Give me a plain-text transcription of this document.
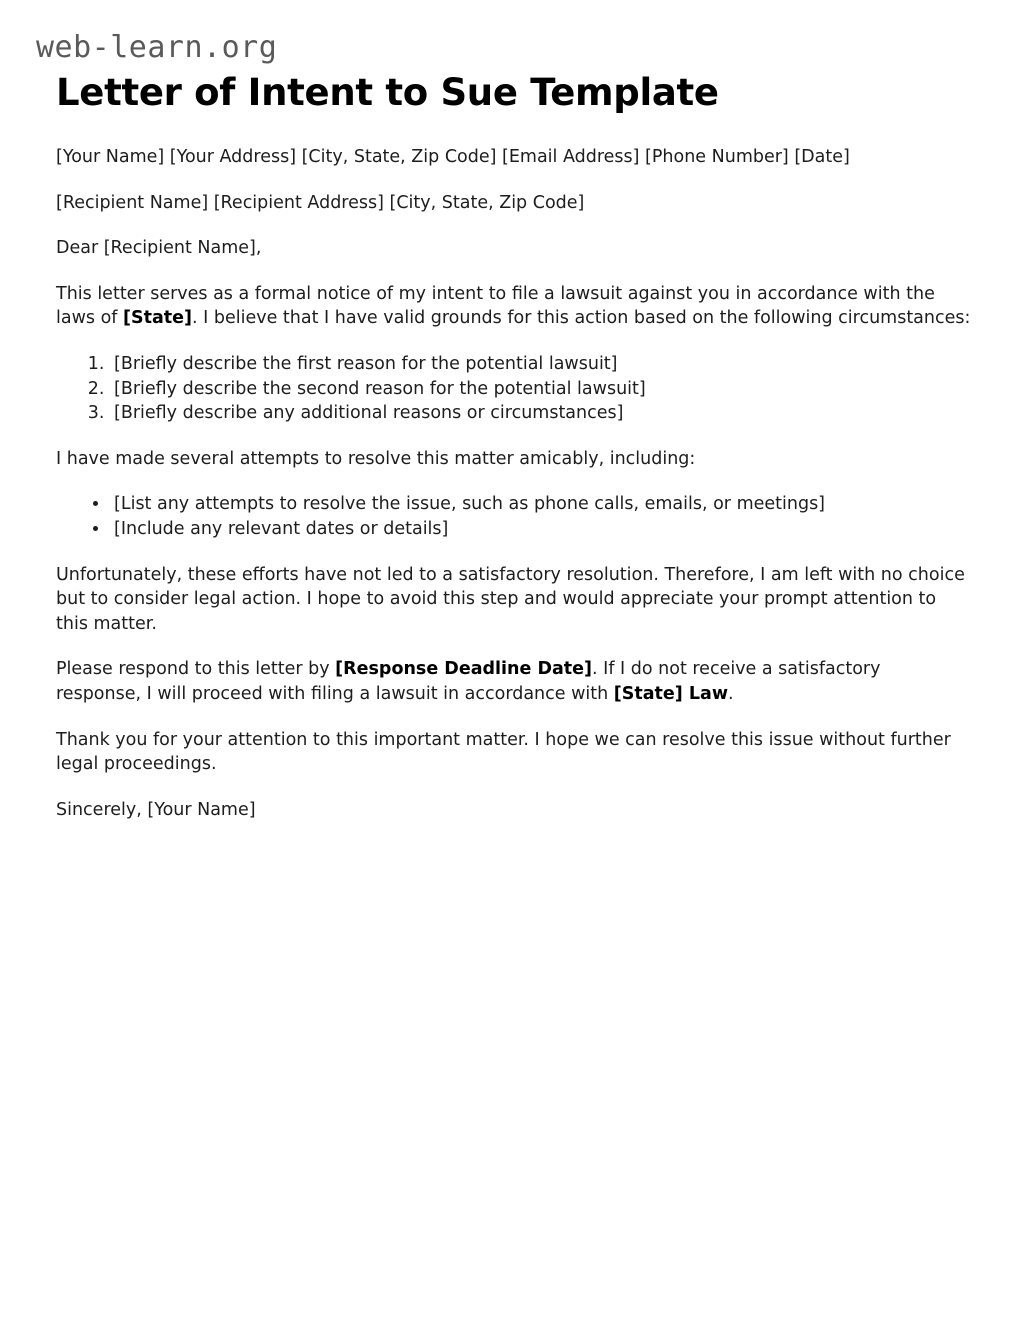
web-learn.org
Letter of Intent to Sue Template

[Your Name] [Your Address] [City, State, Zip Code] [Email Address] [Phone Number] [Date]

[Recipient Name] [Recipient Address] [City, State, Zip Code]

Dear [Recipient Name],

This letter serves as a formal notice of my intent to file a lawsuit against you in accordance with the laws of [State]. I believe that I have valid grounds for this action based on the following circumstances:

1. [Briefly describe the first reason for the potential lawsuit]
2. [Briefly describe the second reason for the potential lawsuit]
3. [Briefly describe any additional reasons or circumstances]

I have made several attempts to resolve this matter amicably, including:

• [List any attempts to resolve the issue, such as phone calls, emails, or meetings]
• [Include any relevant dates or details]

Unfortunately, these efforts have not led to a satisfactory resolution. Therefore, I am left with no choice but to consider legal action. I hope to avoid this step and would appreciate your prompt attention to this matter.

Please respond to this letter by [Response Deadline Date]. If I do not receive a satisfactory response, I will proceed with filing a lawsuit in accordance with [State] Law.

Thank you for your attention to this important matter. I hope we can resolve this issue without further legal proceedings.

Sincerely, [Your Name]
